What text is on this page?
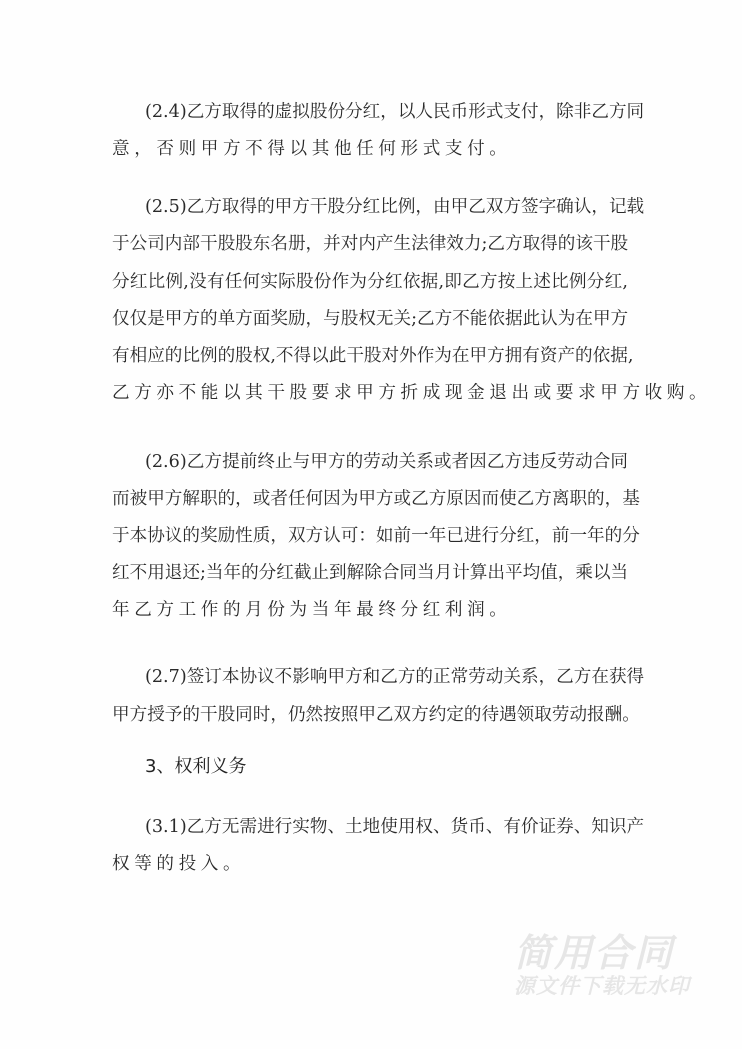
(2.4)乙方取得的虚拟股份分红，以人民币形式支付，除非乙方同
意，否则甲方不得以其他任何形式支付。
(2.5)乙方取得的甲方干股分红比例，由甲乙双方签字确认，记载
于公司内部干股股东名册，并对内产生法律效力;乙方取得的该干股
分红比例,没有任何实际股份作为分红依据,即乙方按上述比例分红,
仅仅是甲方的单方面奖励，与股权无关;乙方不能依据此认为在甲方
有相应的比例的股权,不得以此干股对外作为在甲方拥有资产的依据,
乙方亦不能以其干股要求甲方折成现金退出或要求甲方收购。
(2.6)乙方提前终止与甲方的劳动关系或者因乙方违反劳动合同
而被甲方解职的，或者任何因为甲方或乙方原因而使乙方离职的，基
于本协议的奖励性质，双方认可：如前一年已进行分红，前一年的分
红不用退还;当年的分红截止到解除合同当月计算出平均值，乘以当
年乙方工作的月份为当年最终分红利润。
(2.7)签订本协议不影响甲方和乙方的正常劳动关系，乙方在获得
甲方授予的干股同时，仍然按照甲乙双方约定的待遇领取劳动报酬。
3、权利义务
(3.1)乙方无需进行实物、土地使用权、货币、有价证券、知识产
权等的投入。
简用合同
源文件下载无水印
